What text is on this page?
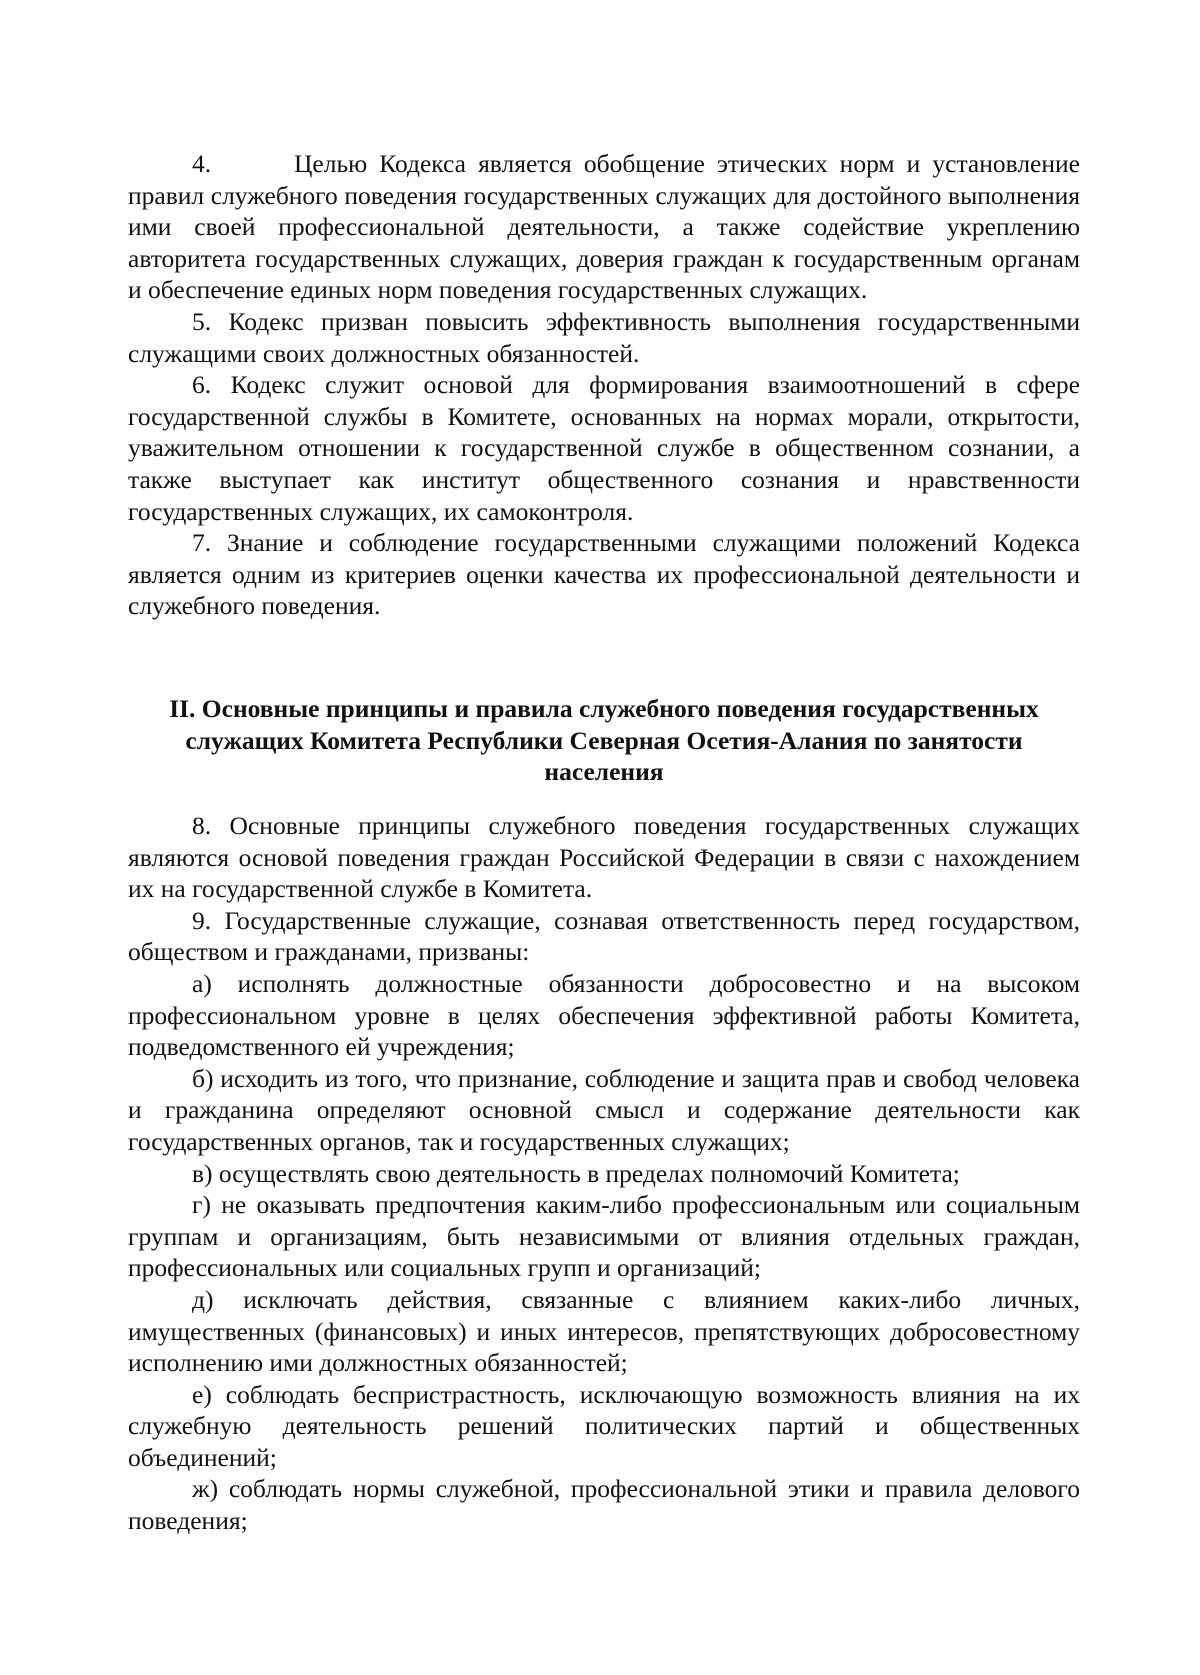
4.	Целью Кодекса является обобщение этических норм и установление правил служебного поведения государственных служащих для достойного выполнения ими своей профессиональной деятельности, а также содействие укреплению авторитета государственных служащих, доверия граждан к государственным органам и обеспечение единых норм поведения государственных служащих.

5. Кодекс призван повысить эффективность выполнения государственными служащими своих должностных обязанностей.

6. Кодекс служит основой для формирования взаимоотношений в сфере государственной службы в Комитете, основанных на нормах морали, открытости, уважительном отношении к государственной службе в общественном сознании, а также выступает как институт общественного сознания и нравственности государственных служащих, их самоконтроля.

7. Знание и соблюдение государственными служащими положений Кодекса является одним из критериев оценки качества их профессиональной деятельности и служебного поведения.

II. Основные принципы и правила служебного поведения государственных
служащих Комитета Республики Северная Осетия-Алания по занятости
населения

8. Основные принципы служебного поведения государственных служащих являются основой поведения граждан Российской Федерации в связи с нахождением их на государственной службе в Комитета.

9. Государственные служащие, сознавая ответственность перед государством, обществом и гражданами, призваны:

а) исполнять должностные обязанности добросовестно и на высоком профессиональном уровне в целях обеспечения эффективной работы Комитета, подведомственного ей учреждения;

б) исходить из того, что признание, соблюдение и защита прав и свобод человека и гражданина определяют основной смысл и содержание деятельности как государственных органов, так и государственных служащих;

в) осуществлять свою деятельность в пределах полномочий Комитета;

г) не оказывать предпочтения каким-либо профессиональным или социальным группам и организациям, быть независимыми от влияния отдельных граждан, профессиональных или социальных групп и организаций;

д) исключать действия, связанные с влиянием каких-либо личных, имущественных (финансовых) и иных интересов, препятствующих добросовестному исполнению ими должностных обязанностей;

е) соблюдать беспристрастность, исключающую возможность влияния на их служебную деятельность решений политических партий и общественных объединений;

ж) соблюдать нормы служебной, профессиональной этики и правила делового поведения;
